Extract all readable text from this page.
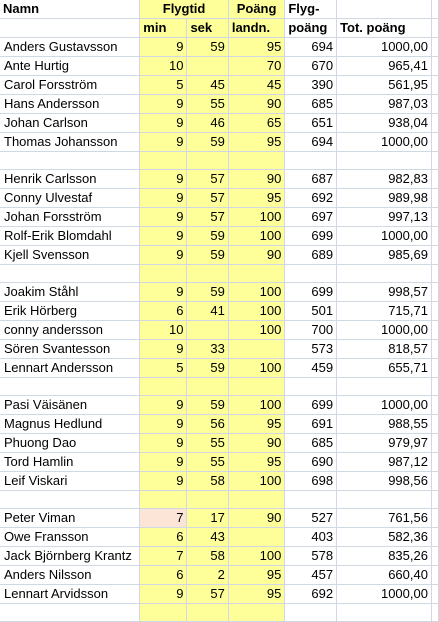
Namn	Flygtid		Poäng	Flyg-		
	min	sek	landn.	poäng	Tot. poäng	
Anders Gustavsson	9	59	95	694	1000,00	
Ante Hurtig	10		70	670	965,41	
Carol Forsström	5	45	45	390	561,95	
Hans Andersson	9	55	90	685	987,03	
Johan Carlson	9	46	65	651	938,04	
Thomas Johansson	9	59	95	694	1000,00	

Henrik Carlsson	9	57	90	687	982,83	
Conny Ulvestaf	9	57	95	692	989,98	
Johan Forsström	9	57	100	697	997,13	
Rolf-Erik Blomdahl	9	59	100	699	1000,00	
Kjell Svensson	9	59	90	689	985,69	

Joakim Ståhl	9	59	100	699	998,57	
Erik Hörberg	6	41	100	501	715,71	
conny andersson	10		100	700	1000,00	
Sören Svantesson	9	33		573	818,57	
Lennart Andersson	5	59	100	459	655,71	

Pasi Väisänen	9	59	100	699	1000,00	
Magnus Hedlund	9	56	95	691	988,55	
Phuong Dao	9	55	90	685	979,97	
Tord Hamlin	9	55	95	690	987,12	
Leif Viskari	9	58	100	698	998,56	

Peter Viman	7	17	90	527	761,56	
Owe Fransson	6	43		403	582,36	
Jack Björnberg Krantz	7	58	100	578	835,26	
Anders Nilsson	6	2	95	457	660,40	
Lennart Arvidsson	9	57	95	692	1000,00	
